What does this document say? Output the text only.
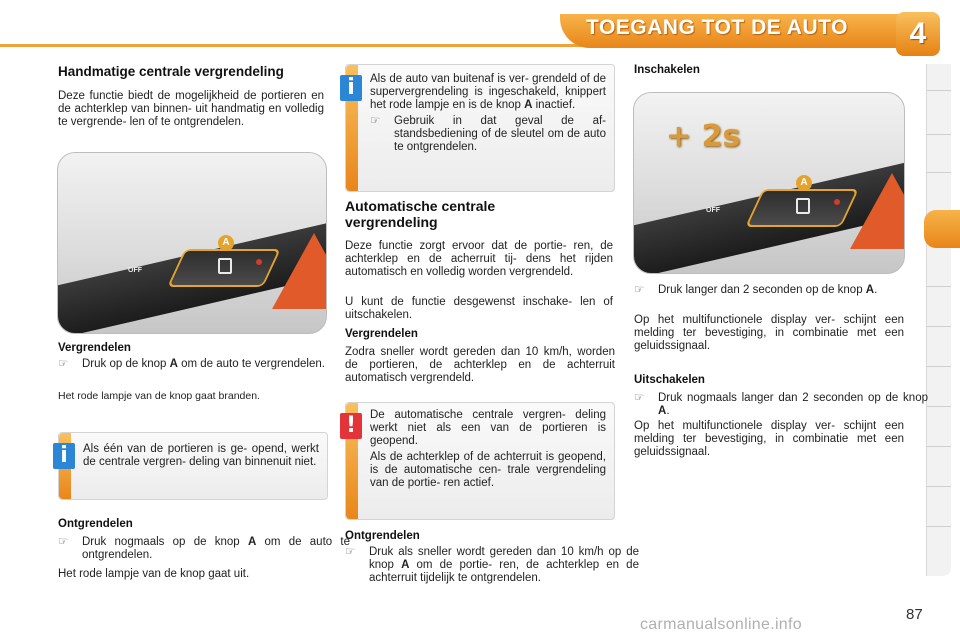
TOEGANG TOT DE AUTO	4
Handmatige centrale vergrendeling
Deze functie biedt de mogelijkheid de portieren en de achterklep van binnen- uit handmatig en volledig te vergrende- len of te ontgrendelen.
OFF
A
Vergrendelen
☞ Druk op de knop A om de auto te vergrendelen.
Het rode lampje van de knop gaat branden.
i	Als één van de portieren is ge- opend, werkt de centrale vergren- deling van binnenuit niet.
Ontgrendelen
☞ Druk nogmaals op de knop A om de auto te ontgrendelen.
Het rode lampje van de knop gaat uit.
i	Als de auto van buitenaf is ver- grendeld of de supervergrendeling is ingeschakeld, knippert het rode lampje en is de knop A inactief.
☞ Gebruik in dat geval de af- standsbediening of de sleutel om de auto te ontgrendelen.
Automatische centrale vergrendeling
Deze functie zorgt ervoor dat de portie- ren, de achterklep en de acherruit tij- dens het rijden automatisch en volledig worden vergrendeld.
U kunt de functie desgewenst inschake- len of uitschakelen.
Vergrendelen
Zodra sneller wordt gereden dan 10 km/h, worden de portieren, de achterklep en de achterruit automatisch vergrendeld.
!	De automatische centrale vergren- deling werkt niet als een van de portieren is geopend.
Als de achterklep of de achterruit is geopend, is de automatische cen- trale vergrendeling van de portie- ren actief.
Ontgrendelen
☞ Druk als sneller wordt gereden dan 10 km/h op de knop A om de portie- ren, de achterklep en de achterruit tijdelijk te ontgrendelen.
Inschakelen
OFF
A
+ 2s
☞ Druk langer dan 2 seconden op de knop A.
Op het multifunctionele display ver- schijnt een melding ter bevestiging, in combinatie met een geluidssignaal.
Uitschakelen
☞ Druk nogmaals langer dan 2 seconden op de knop A.
Op het multifunctionele display ver- schijnt een melding ter bevestiging, in combinatie met een geluidssignaal.
87
carmanualsonline.info
